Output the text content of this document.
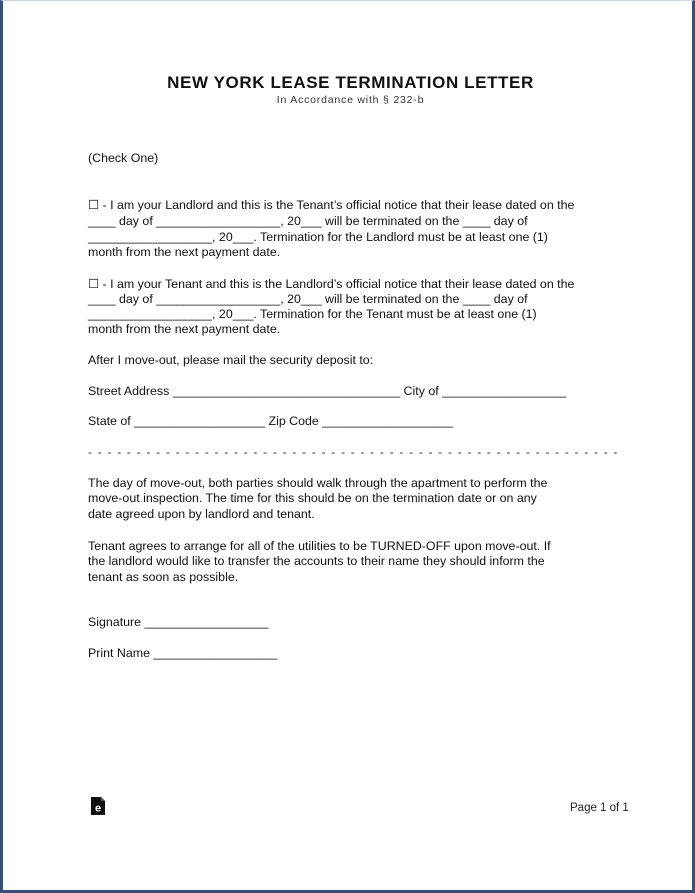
NEW YORK LEASE TERMINATION LETTER
In Accordance with § 232-b
(Check One)
☐ - I am your Landlord and this is the Tenant’s official notice that their lease dated on the
____ day of __________________, 20___ will be terminated on the ____ day of
__________________, 20___. Termination for the Landlord must be at least one (1)
month from the next payment date.
☐ - I am your Tenant and this is the Landlord’s official notice that their lease dated on the
____ day of __________________, 20___ will be terminated on the ____ day of
__________________, 20___. Termination for the Tenant must be at least one (1)
month from the next payment date.
After I move-out, please mail the security deposit to:
Street Address _________________________________ City of __________________
State of ___________________ Zip Code ___________________
- - - - - - - - - - - - - - - - - - - - - - - - - - - - - - - - - - - - - - - - - - - - - - - - - - - - - - -
The day of move-out, both parties should walk through the apartment to perform the
move-out inspection. The time for this should be on the termination date or on any
date agreed upon by landlord and tenant.
Tenant agrees to arrange for all of the utilities to be TURNED-OFF upon move-out. If
the landlord would like to transfer the accounts to their name they should inform the
tenant as soon as possible.
Signature __________________
Print Name __________________
e	Page 1 of 1
